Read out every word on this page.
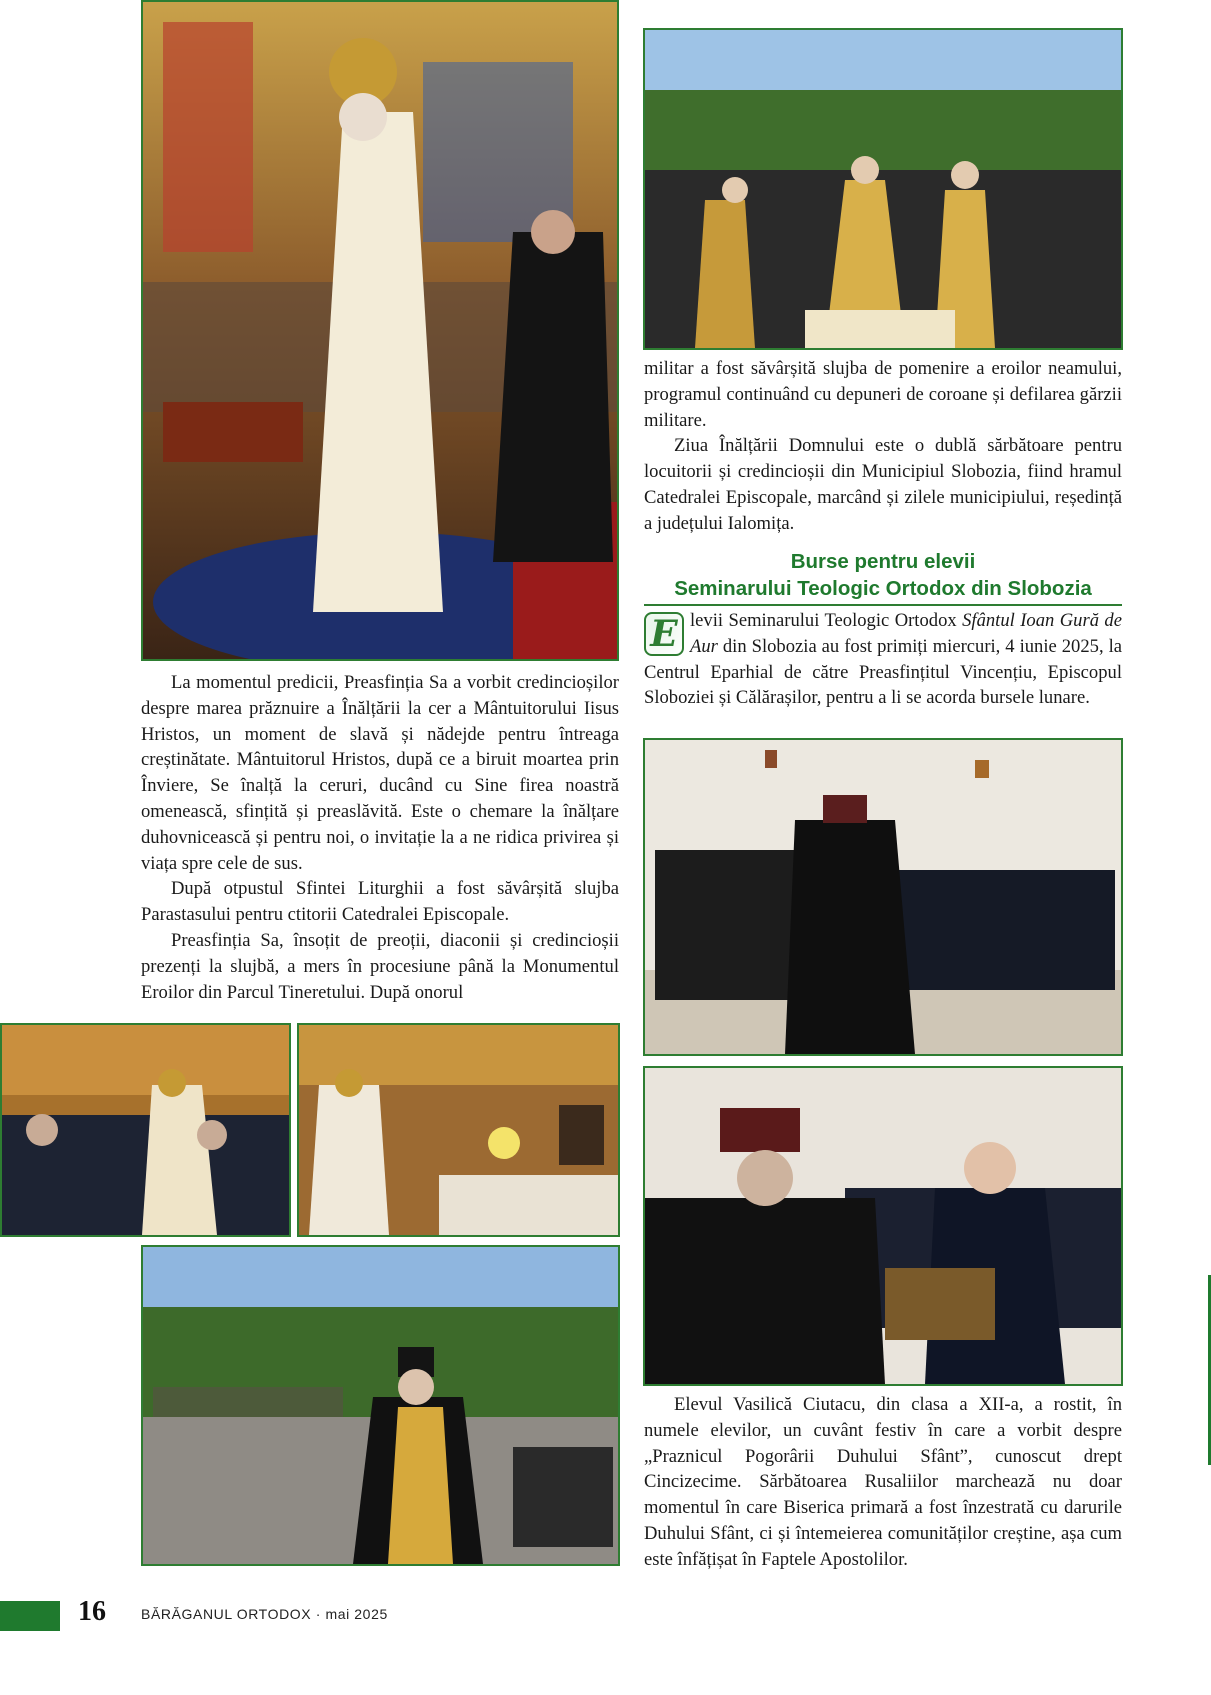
La momentul predicii, Preasfinția Sa a vorbit credincioșilor despre marea prăznuire a Înălțării la cer a Mântuitorului Iisus Hristos, un moment de slavă și nădejde pentru întreaga creștinătate. Mântuitorul Hristos, după ce a biruit moartea prin Înviere, Se înalță la ceruri, ducând cu Sine firea noastră omenească, sfințită și preaslăvită. Este o chemare la înălțare duhovnicească și pentru noi, o invitație la a ne ridica privirea și viața spre cele de sus.

După otpustul Sfintei Liturghii a fost săvârșită slujba Parastasului pentru ctitorii Catedralei Episcopale.

Preasfinția Sa, însoțit de preoții, diaconii și credincioșii prezenți la slujbă, a mers în procesiune până la Monumentul Eroilor din Parcul Tineretului. După onorul

militar a fost săvârșită slujba de pomenire a eroilor neamului, programul continuând cu depuneri de coroane și defilarea gărzii militare.

Ziua Înălțării Domnului este o dublă sărbătoare pentru locuitorii și credincioșii din Municipiul Slobozia, fiind hramul Catedralei Episcopale, marcând și zilele municipiului, reședință a județului Ialomița.

Burse pentru elevii
Seminarului Teologic Ortodox din Slobozia

E levii Seminarului Teologic Ortodox Sfântul Ioan Gură de Aur din Slobozia au fost primiți miercuri, 4 iunie 2025, la Centrul Eparhial de către Preasfințitul Vincențiu, Episcopul Sloboziei și Călărașilor, pentru a li se acorda bursele lunare.

Elevul Vasilică Ciutacu, din clasa a XII-a, a rostit, în numele elevilor, un cuvânt festiv în care a vorbit despre „Praznicul Pogorârii Duhului Sfânt”, cunoscut drept Cincizecime. Sărbătoarea Rusaliilor marchează nu doar momentul în care Biserica primară a fost înzestrată cu darurile Duhului Sfânt, ci și întemeierea comunităților creștine, așa cum este înfățișat în Faptele Apostolilor.

16	BĂRĂGANUL ORTODOX · mai 2025
